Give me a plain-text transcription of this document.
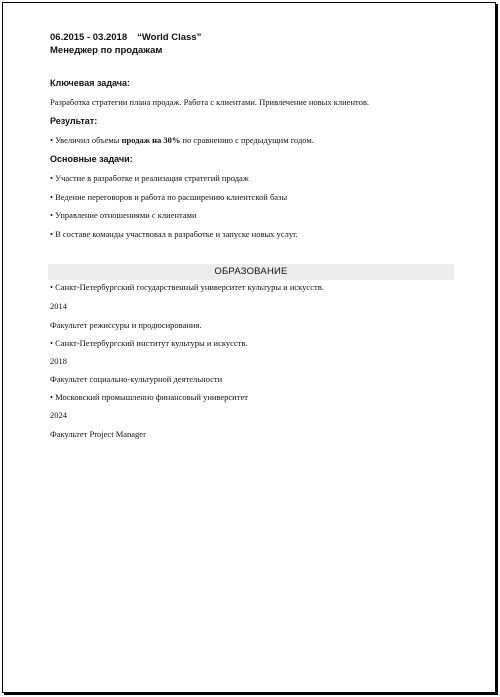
06.2015 - 03.2018 “World Class”
Менеджер по продажам
Ключевая задача:
Разработка стратегии плана продаж. Работа с клиентами. Привлечение новых клиентов.
Результат:
• Увеличил объемы продаж на 30% по сравнению с предыдущим годом.
Основные задачи:
• Участие в разработке и реализация стратегий продаж
• Ведение переговоров и работа по расширению клиентской базы
• Управление отношениями с клиентами
• В составе команды участвовал в разработке и запуске новых услуг.
ОБРАЗОВАНИЕ
• Санкт-Петербургский государственный университет культуры и искусств.
2014
Факультет режиссуры и продюсирования.
• Санкт-Петербургский институт культуры и искусств.
2018
Факультет социально-культурной деятельности
• Московский промышленно финансовый университет
2024
Факультет Project Manager
